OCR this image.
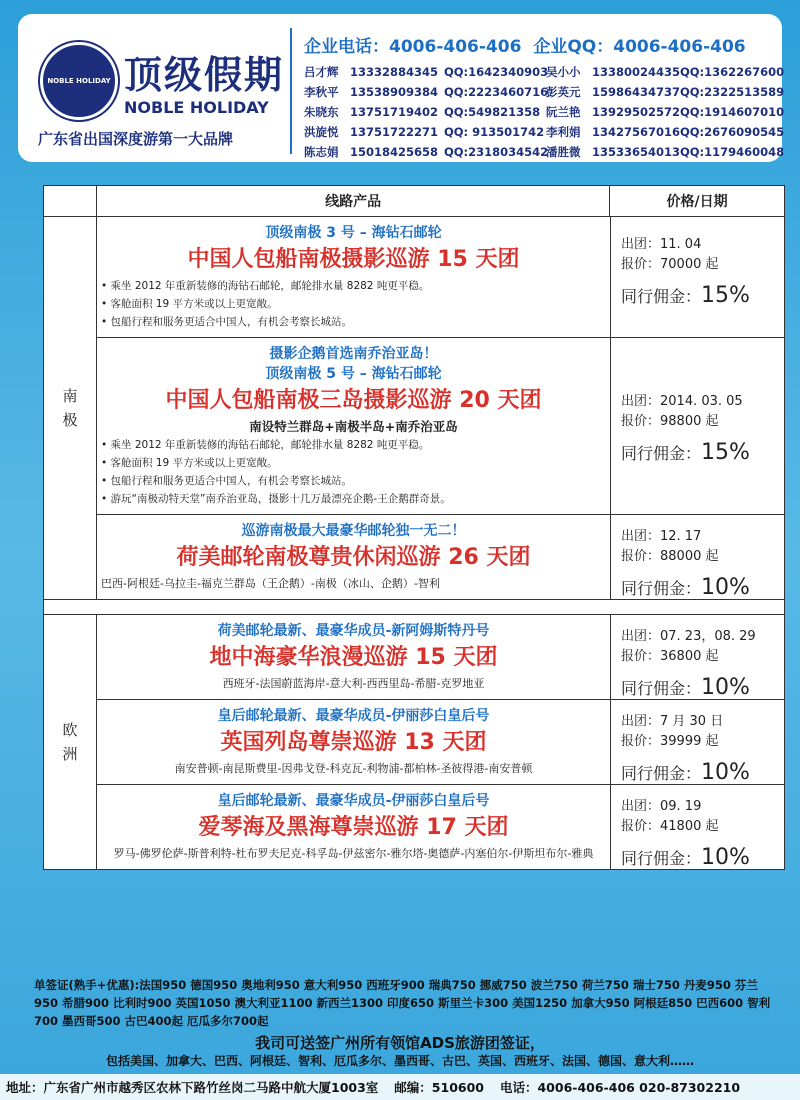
NOBLE HOLIDAY 顶级假期
NOBLE HOLIDAY
广东省出国深度游第一大品牌
企业电话：4006-406-406 企业QQ：4006-406-406
吕才辉	13332884345 QQ:1642340903
吴小小	13380024435 QQ:1362267600
李秋平	13538909384 QQ:2223460716
彭英元	15986434737 QQ:2322513589
朱晓东	13751719402 QQ:549821358 阮兰艳	13929502572 QQ:1914607010
洪旋悦	13751722271 QQ: 913501742 李利娟	13427567016 QQ:2676090545
陈志娟	15018425658 QQ:2318034542
潘胜微	13533654013 QQ:1179460048
线路产品	价格/日期
南
极
顶级南极 3 号 – 海钻石邮轮
中国人包船南极摄影巡游 15 天团
• 乘坐 2012 年重新装修的海钻石邮轮，邮轮排水量 8282 吨更平稳。
• 客舱面积 19 平方米或以上更宽敞。
• 包船行程和服务更适合中国人，有机会考察长城站。
出团：11. 04
报价：70000 起
同行佣金：15%
摄影企鹅首选南乔治亚岛！
顶级南极 5 号 – 海钻石邮轮
中国人包船南极三岛摄影巡游 20 天团
南设特兰群岛+南极半岛+南乔治亚岛
• 乘坐 2012 年重新装修的海钻石邮轮，邮轮排水量 8282 吨更平稳。
• 客舱面积 19 平方米或以上更宽敞。
• 包船行程和服务更适合中国人，有机会考察长城站。
• 游玩“南极动特天堂”南乔治亚岛，摄影十几万最漂亮企鹅-王企鹅群奇景。
出团：2014. 03. 05
报价：98800 起
同行佣金：15%
巡游南极最大最豪华邮轮独一无二！
荷美邮轮南极尊贵休闲巡游 26 天团
巴西-阿根廷-乌拉圭-福克兰群岛（王企鹅）-南极（冰山、企鹅）-智利
出团：12. 17
报价：88000 起
同行佣金：10%
欧
洲
荷美邮轮最新、最豪华成员-新阿姆斯特丹号
地中海豪华浪漫巡游 15 天团
西班牙-法国蔚蓝海岸-意大利-西西里岛-希腊-克罗地亚
出团：07. 23，08. 29
报价：36800 起
同行佣金：10%
皇后邮轮最新、最豪华成员-伊丽莎白皇后号
英国列岛尊崇巡游 13 天团
南安普顿-南昆斯费里-因弗戈登-科克瓦-利物浦-都柏林-圣彼得港-南安普顿
出团：7 月 30 日
报价：39999 起
同行佣金：10%
皇后邮轮最新、最豪华成员-伊丽莎白皇后号
爱琴海及黑海尊崇巡游 17 天团
罗马-佛罗伦萨-斯普利特-杜布罗夫尼克-科孚岛-伊兹密尔-雅尔塔-奥德萨-内塞伯尔-伊斯坦布尔-雅典
出团：09. 19
报价：41800 起
同行佣金：10%
单签证(熟手+优惠):法国950 德国950 奥地利950 意大利950 西班牙900 瑞典750 挪威750 波兰750 荷兰750 瑞士750 丹麦950 芬兰950 希腊900 比利时900 英国1050 澳大利亚1100 新西兰1300 印度650 斯里兰卡300 美国1250 加拿大950 阿根廷850 巴西600 智利700 墨西哥500 古巴400起 厄瓜多尔700起
我司可送签广州所有领馆ADS旅游团签证，
包括美国、加拿大、巴西、阿根廷、智利、厄瓜多尔、墨西哥、古巴、英国、西班牙、法国、德国、意大利……
地址：广东省广州市越秀区农林下路竹丝岗二马路中航大厦1003室 邮编：510600 电话：4006-406-406 020-87302210
